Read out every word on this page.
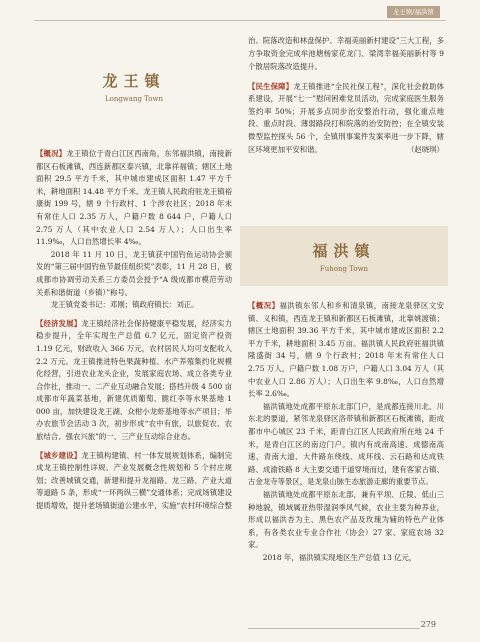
龙王镇/福洪镇
龙王镇
Longwang Town

【概况】龙王镇位于青白江区西南角，东邻福洪镇，南接新都区石板滩镇，西连新都区泰兴镇，北靠祥福镇；辖区土地面积 29.5 平方千米，其中城市建成区面积 1.47 平方千米，耕地面积 14.48 平方千米。龙王镇人民政府驻龙王镇裕康街 199 号，辖 9 个行政村、1 个涉农社区；2018 年末有常住人口 2.35 万人，户籍户数 8 644 户，户籍人口 2.75 万人（其中农业人口 2.54 万人）；人口出生率 11.9‰，人口自然增长率 4‰。

2018 年 11 月 10 日，龙王镇获中国钓鱼运动协会颁发的“第三届中国钓鱼节最佳组织奖”表彰，11 月 28 日，被成都市协调劳动关系三方委员会授予“A 级成都市模范劳动关系和谐街道（乡镇）”称号。

龙王镇党委书记：邓刚；镇政府镇长：刘正。

【经济发展】龙王镇经济社会保持健康平稳发展，经济实力稳步提升，全年实现生产总值 6.7 亿元，固定资产投资 1.19 亿元，财政收入 366 万元，农村居民人均可支配收入 2.2 万元。龙王镇推进特色果蔬种植、水产养殖集约化规模化经营，引进农业龙头企业，发展家庭农场、成立各类专业合作社，推动一、二产业互动融合发展；搭档升级 4 500 亩成都市年蔬菜基地，新建优质葡萄、脆红李等水果基地 1 000 亩，加快建设龙王湖、众柑小龙虾基地等水产项目；举办农旅节会活动 3 次，初步形成“农中有旅，以旅促农、农旅结合、强农兴旅”的一、三产业互动综合业态。

【城乡建设】龙王镇构建镇、村一体发展规划体系，编制完成龙王镇控制性详规、产业发展概念性规划和 5 个村庄规划；改善城镇交通，新建和提升龙福路、龙三路、产业大道等道路 5 条，形成“一环两纵三横”交通体系；完成场镇建设提质增效，提升老场镇街道公建水平，实施“农村环境综合整

治、院落改造和林盘保护、幸福美丽新村建设”三大工程，多方争取资金完成牟池塘杨家花龙门、梁湾幸福美丽新村等 9 个散居院落改造提升。

【民生保障】龙王镇推进“全民社保工程”，深化社会救助体系建设，开展“七一”慰问困难党员活动，完成家庭医生服务签约率 50%；开展多点同步治安整治行动，强化重点地段、重点时段、薄弱路段打和院落的治安防控；在全镇安装微型监控探头 56 个，全镇刑事案件发案率进一步下降，辖区环境更加平安和谐。	（赵晓琪）

福洪镇
Fuhong Town

【概况】福洪镇东邻人和乡和清泉镇，南接龙泉驿区文安镇、义和镇，西连龙王镇和新都区石板滩镇，北靠姚渡镇；辖区土地面积 39.36 平方千米，其中城市建成区面积 2.2 平方千米，耕地面积 3.45 万亩。福洪镇人民政府驻福洪镇隆盛街 34 号，辖 9 个行政村；2018 年末有常住人口 2.75 万人，户籍户数 1.08 万户，户籍人口 3.04 万人（其中农业人口 2.86 万人）；人口出生率 9.8‰，人口自然增长率 2.6‰。

福洪镇地处成都平原东北部门户，是成都连接川北、川东北的要道，紧邻龙泉驿区洛带镇和新都区石板滩镇，距成都市中心城区 23 千米，距青白江区人民政府所在地 24 千米，是青白江区的南边门户。镇内有成南高速、成德南高速、青南大道、大件路东绕线、成环线、云石路和达成铁路、成渝铁路 8 大主要交通干道穿境而过，建有客家古镇、古金龙寺等景区，是龙泉山脉生态旅游走廊的重要节点。

福洪镇地处成都平原东北部，兼有平坝、丘陵、低山三种地貌，镇域属亚热带湿润季风气候，农业主要为种养业，形成以福洪杏为主、黑色农产品及玫瑰为辅的特色产业体系，有各类农业专业合作社（协会）27 家、家庭农场 32 家。

2018 年，福洪镇实现地区生产总值 13 亿元，

279
